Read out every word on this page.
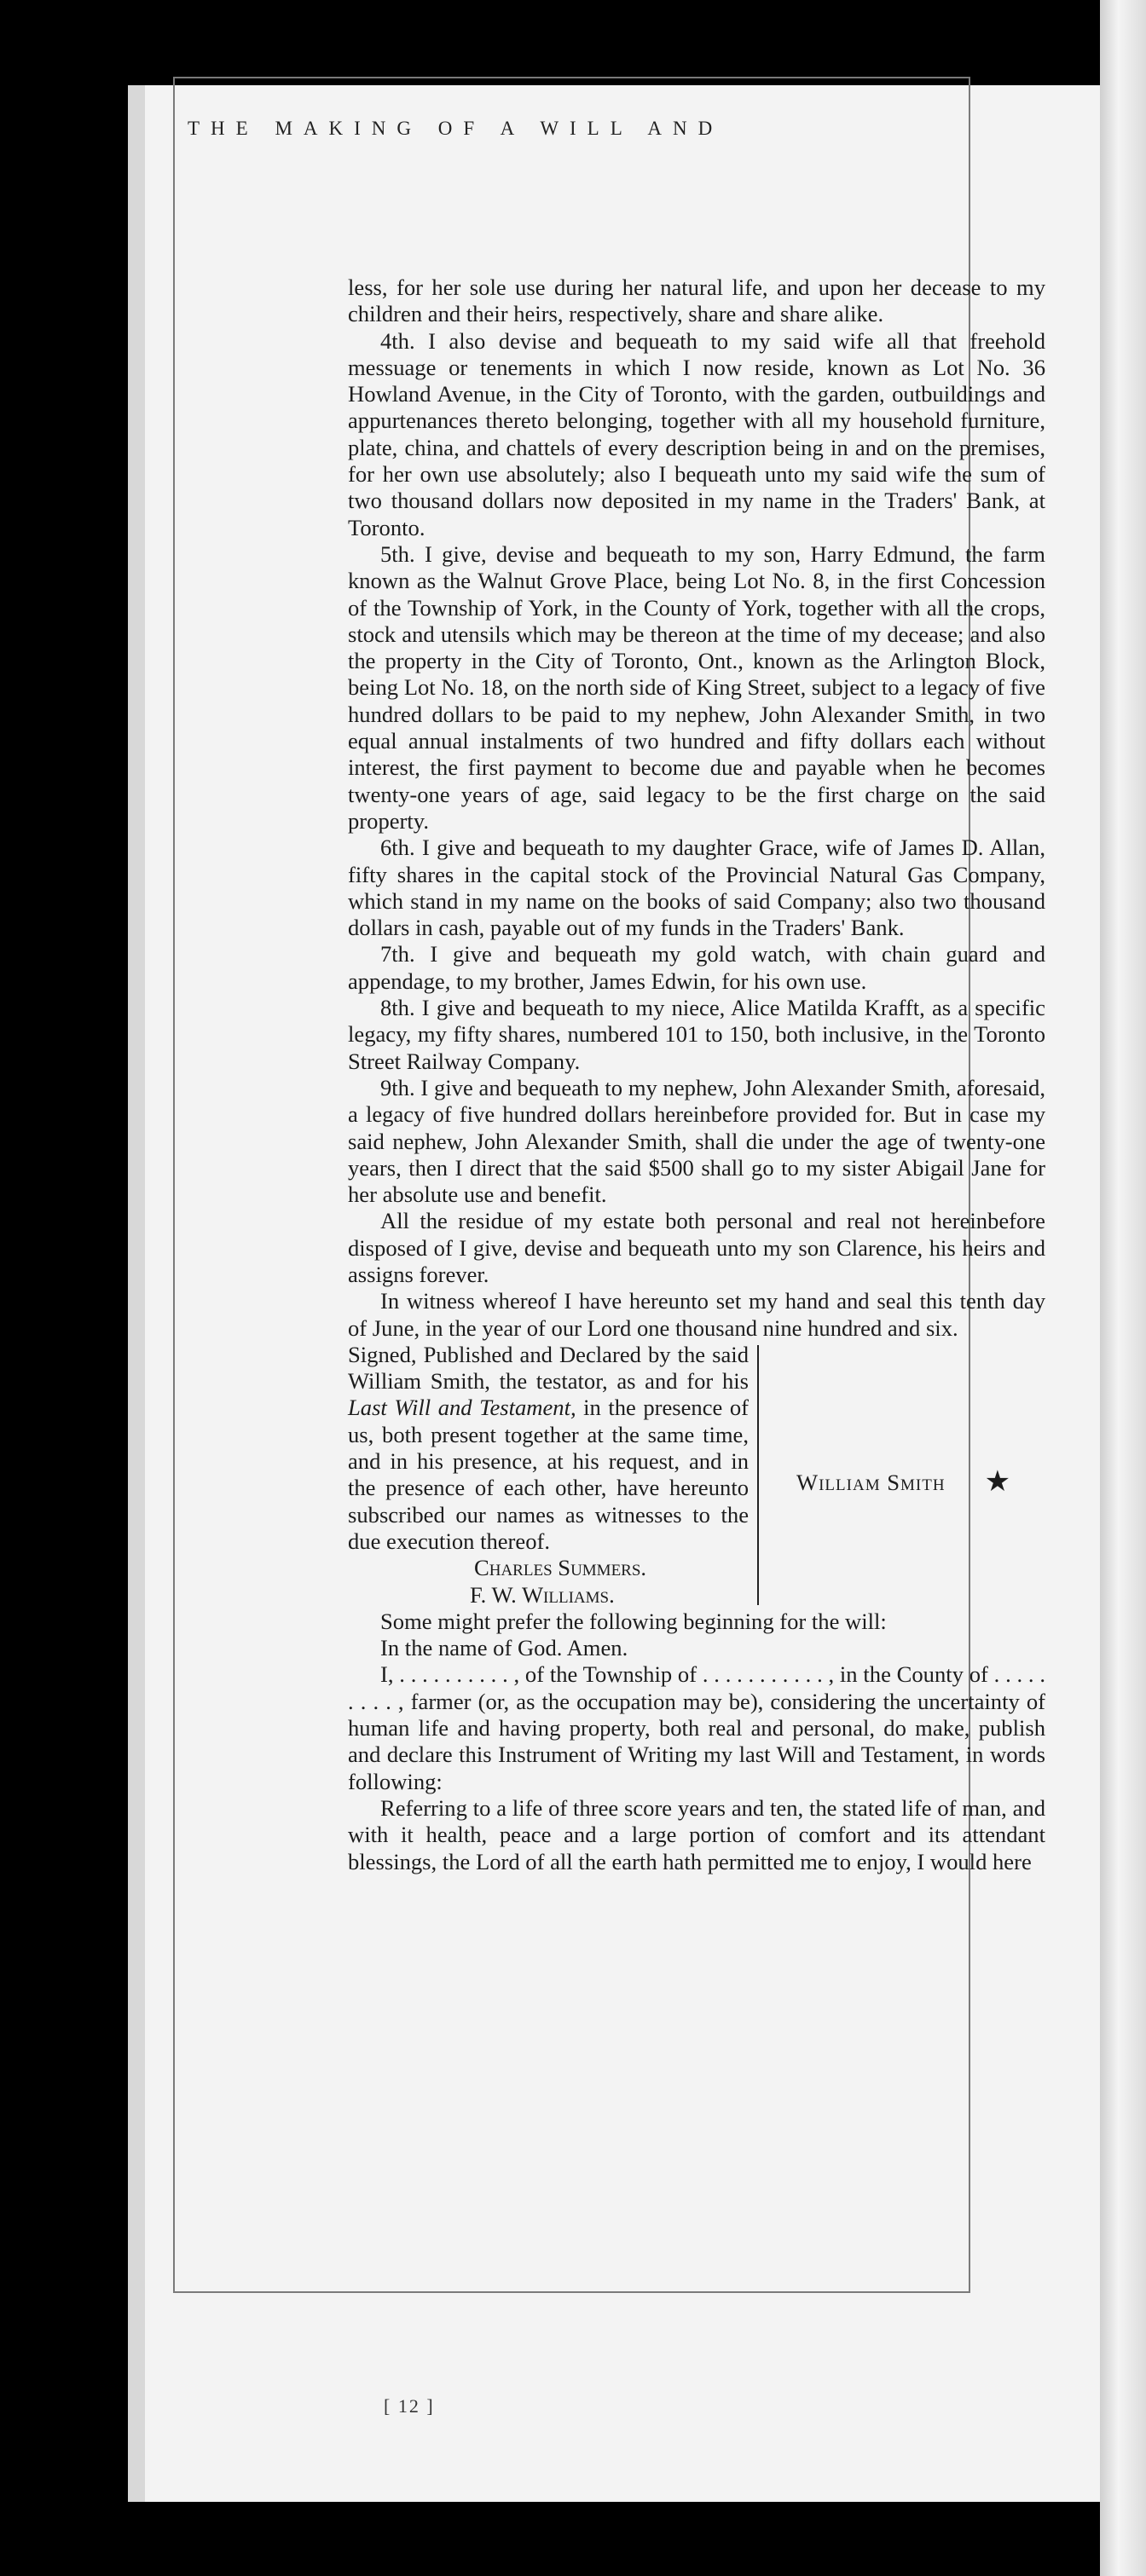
THE MAKING OF A WILL AND

less, for her sole use during her natural life, and upon her decease to my children and their heirs, respectively, share and share alike.

4th. I also devise and bequeath to my said wife all that freehold messuage or tenements in which I now reside, known as Lot No. 36 Howland Avenue, in the City of Toronto, with the garden, outbuildings and appurtenances thereto belonging, together with all my household furniture, plate, china, and chattels of every description being in and on the premises, for her own use absolutely; also I bequeath unto my said wife the sum of two thousand dollars now deposited in my name in the Traders' Bank, at Toronto.

5th. I give, devise and bequeath to my son, Harry Edmund, the farm known as the Walnut Grove Place, being Lot No. 8, in the first Concession of the Township of York, in the County of York, together with all the crops, stock and utensils which may be thereon at the time of my decease; and also the property in the City of Toronto, Ont., known as the Arlington Block, being Lot No. 18, on the north side of King Street, subject to a legacy of five hundred dollars to be paid to my nephew, John Alexander Smith, in two equal annual instalments of two hundred and fifty dollars each without interest, the first payment to become due and payable when he becomes twenty-one years of age, said legacy to be the first charge on the said property.

6th. I give and bequeath to my daughter Grace, wife of James D. Allan, fifty shares in the capital stock of the Provincial Natural Gas Company, which stand in my name on the books of said Company; also two thousand dollars in cash, payable out of my funds in the Traders' Bank.

7th. I give and bequeath my gold watch, with chain guard and appendage, to my brother, James Edwin, for his own use.

8th. I give and bequeath to my niece, Alice Matilda Krafft, as a specific legacy, my fifty shares, numbered 101 to 150, both inclusive, in the Toronto Street Railway Company.

9th. I give and bequeath to my nephew, John Alexander Smith, aforesaid, a legacy of five hundred dollars hereinbefore provided for. But in case my said nephew, John Alexander Smith, shall die under the age of twenty-one years, then I direct that the said $500 shall go to my sister Abigail Jane for her absolute use and benefit.

All the residue of my estate both personal and real not hereinbefore disposed of I give, devise and bequeath unto my son Clarence, his heirs and assigns forever.

In witness whereof I have hereunto set my hand and seal this tenth day of June, in the year of our Lord one thousand nine hundred and six.

Signed, Published and Declared by the said William Smith, the testator, as and for his Last Will and Testament, in the presence of us, both present together at the same time, and in his presence, at his request, and in the presence of each other, have hereunto subscribed our names as witnesses to the due execution thereof.
Charles Summers.
F. W. Williams.
William Smith ★

Some might prefer the following beginning for the will:

In the name of God. Amen.

I, . . . . . . . . . . , of the Township of . . . . . . . . . . . , in the County of . . . . . . . . . , farmer (or, as the occupation may be), considering the uncertainty of human life and having property, both real and personal, do make, publish and declare this Instrument of Writing my last Will and Testament, in words following:

Referring to a life of three score years and ten, the stated life of man, and with it health, peace and a large portion of comfort and its attendant blessings, the Lord of all the earth hath permitted me to enjoy, I would here

[ 12 ]
